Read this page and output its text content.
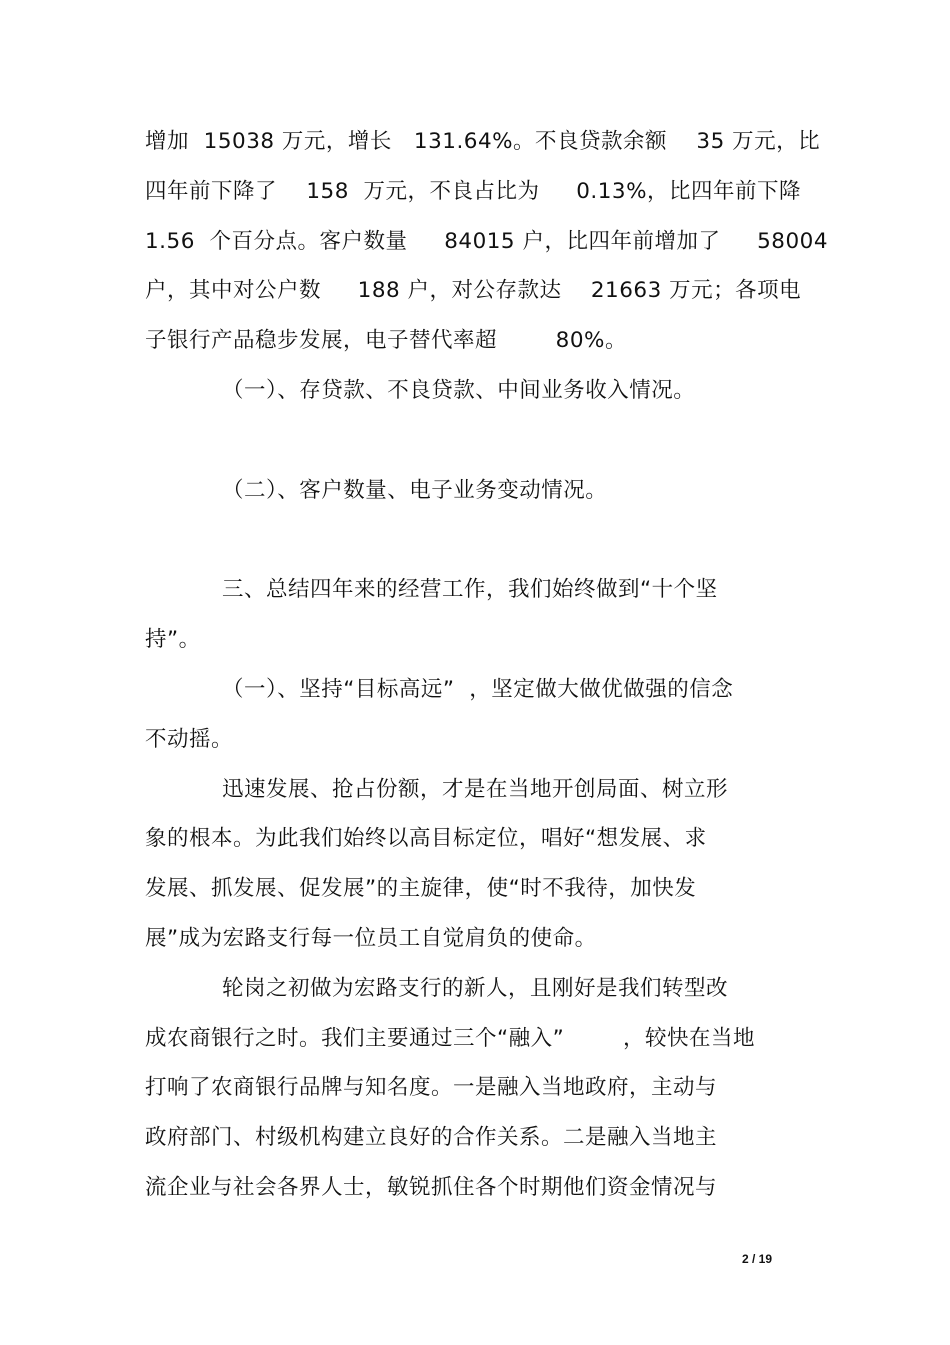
增加  15038 万元，增长   131.64%。不良贷款余额    35 万元，比
四年前下降了    158  万元，不良占比为     0.13%，比四年前下降
1.56  个百分点。客户数量     84015 户，比四年前增加了     58004
户，其中对公户数     188 户，对公存款达    21663 万元；各项电
子银行产品稳步发展，电子替代率超        80%。
（一）、存贷款、不良贷款、中间业务收入情况。
（二）、客户数量、电子业务变动情况。
三、总结四年来的经营工作，我们始终做到“十个坚
持”。
（一）、坚持“目标高远”  ，坚定做大做优做强的信念
不动摇。
迅速发展、抢占份额，才是在当地开创局面、树立形
象的根本。为此我们始终以高目标定位，唱好“想发展、求
发展、抓发展、促发展”的主旋律，使“时不我待，加快发
展”成为宏路支行每一位员工自觉肩负的使命。
轮岗之初做为宏路支行的新人，且刚好是我们转型改
成农商银行之时。我们主要通过三个“融入”        ，较快在当地
打响了农商银行品牌与知名度。一是融入当地政府，主动与
政府部门、村级机构建立良好的合作关系。二是融入当地主
流企业与社会各界人士，敏锐抓住各个时期他们资金情况与
2 / 19
